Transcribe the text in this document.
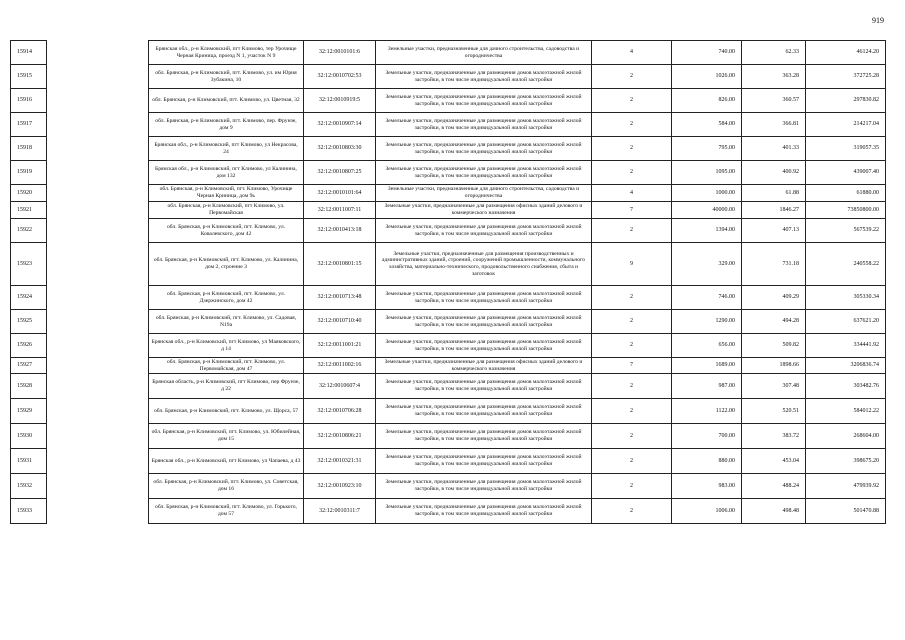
919
15914		Брянская обл., р-н Климовский, пгт Климово, тер Урочище Черная Криница, проезд N 1, участок N 9	32:12:0010101:6	Земельные участки, предназначенные для дачного строительства, садоводства и огородничества	4	740.00	62.33	46124.20
15915		обл. Брянская, р-н Климовский, пгт. Климово, ул. им Юрия Зубакина, 10	32:12:0010702:53	Земельные участки, предназначенные для размещения домов малоэтажной жилой застройки, в том числе индивидуальной жилой застройки	2	1026.00	363.28	372725.28
15916		обл. Брянская, р-н Климовский, пгт. Климово, ул. Цветная, 32	32:12:0010919:5	Земельные участки, предназначенные для размещения домов малоэтажной жилой застройки, в том числе индивидуальной жилой застройки	2	826.00	360.57	297830.82
15917		обл. Брянская, р-н Климовский, пгт. Климово, пер. Фрунзе, дом 9	32:12:0010907:14	Земельные участки, предназначенные для размещения домов малоэтажной жилой застройки, в том числе индивидуальной жилой застройки	2	584.00	366.81	214217.04
15918		Брянская обл., р-н Климовский, пгт Климово, ул Некрасова, 24	32:12:0010803:30	Земельные участки, предназначенные для размещения домов малоэтажной жилой застройки, в том числе индивидуальной жилой застройки	2	795.00	401.33	319057.35
15919		Брянская обл., р-н Климовский, пгт Климово, ул Калинина, дом 132	32:12:0010807:25	Земельные участки, предназначенные для размещения домов малоэтажной жилой застройки, в том числе индивидуальной жилой застройки	2	1095.00	400.92	439007.40
15920		обл. Брянская, р-н Климовский, пгт. Климово, Урочище Черная Криница, дом 9ь	32:12:0010101:64	Земельные участки, предназначенные для дачного строительства, садоводства и огородничества	4	1000.00	61.88	61880.00
15921		обл. Брянская, р-н Климовский, пгт Климово, ул. Первомайская	32:12:0011007:11	Земельные участки, предназначенные для размещения офисных зданий делового и коммерческого назначения	7	40000.00	1846.27	73850800.00
15922		обл. Брянская, р-н Климовский, пгт. Климово, ул. Ковалевского, дом 42	32:12:0010413:18	Земельные участки, предназначенные для размещения домов малоэтажной жилой застройки, в том числе индивидуальной жилой застройки	2	1394.00	407.13	567539.22
15923		обл. Брянская, р-н Климовский, пгт. Климово, ул. Калинина, дом 2, строение 3	32:12:0010801:15	Земельные участки, предназначенные для размещения производственных и административных зданий, строений, сооружений промышленности, коммунального хозяйства, материально-технического, продовольственного снабжения, сбыта и заготовок	9	329.00	731.18	240558.22
15924		обл. Брянская, р-н Климовский, пгт. Климово, ул. Дзержинского, дом 42	32:12:0010713:48	Земельные участки, предназначенные для размещения домов малоэтажной жилой застройки, в том числе индивидуальной жилой застройки	2	746.00	409.29	305330.34
15925		обл. Брянская, р-н Климовский, пгт. Климово, ул. Садовая, N19а	32:12:0010710:40	Земельные участки, предназначенные для размещения домов малоэтажной жилой застройки, в том числе индивидуальной жилой застройки	2	1290.00	494.28	637621.20
15926		Брянская обл., р-н Климовский, пгт Климово, ул Маяковского, д 14	32:12:0011001:21	Земельные участки, предназначенные для размещения домов малоэтажной жилой застройки, в том числе индивидуальной жилой застройки	2	656.00	509.82	334441.92
15927		обл. Брянская, р-н Климовский, пгт. Климово, ул. Первомайская, дом 47	32:12:0011002:16	Земельные участки, предназначенные для размещения офисных зданий делового и коммерческого назначения	7	1689.00	1898.66	3206836.74
15928		Брянская область, р-н Климовский, пгт Климово, пер Фрунзе, д 22	32:12:0010607:4	Земельные участки, предназначенные для размещения домов малоэтажной жилой застройки, в том числе индивидуальной жилой застройки	2	987.00	307.48	303482.76
15929		обл. Брянская, р-н Климовский, пгт. Климово, ул. Щорса, 57	32:12:0010706:28	Земельные участки, предназначенные для размещения домов малоэтажной жилой застройки, в том числе индивидуальной жилой застройки	2	1122.00	520.51	584012.22
15930		обл. Брянская, р-н Климовский, пгт. Климово, ул. Юбилейная, дом 15	32:12:0010806:21	Земельные участки, предназначенные для размещения домов малоэтажной жилой застройки, в том числе индивидуальной жилой застройки	2	700.00	383.72	268604.00
15931		Брянская обл., р-н Климовский, пгт Климово, ул Чапаева, д 43	32:12:0010321:31	Земельные участки, предназначенные для размещения домов малоэтажной жилой застройки, в том числе индивидуальной жилой застройки	2	880.00	453.04	398675.20
15932		обл. Брянская, р-н Климовский, пгт. Климово, ул. Советская, дом 16	32:12:0010923:10	Земельные участки, предназначенные для размещения домов малоэтажной жилой застройки, в том числе индивидуальной жилой застройки	2	983.00	488.24	479939.92
15933		обл. Брянская, р-н Климовский, пгт. Климово, ул. Горького, дом 57	32:12:0010311:7	Земельные участки, предназначенные для размещения домов малоэтажной жилой застройки, в том числе индивидуальной жилой застройки	2	1006.00	498.48	501470.88
